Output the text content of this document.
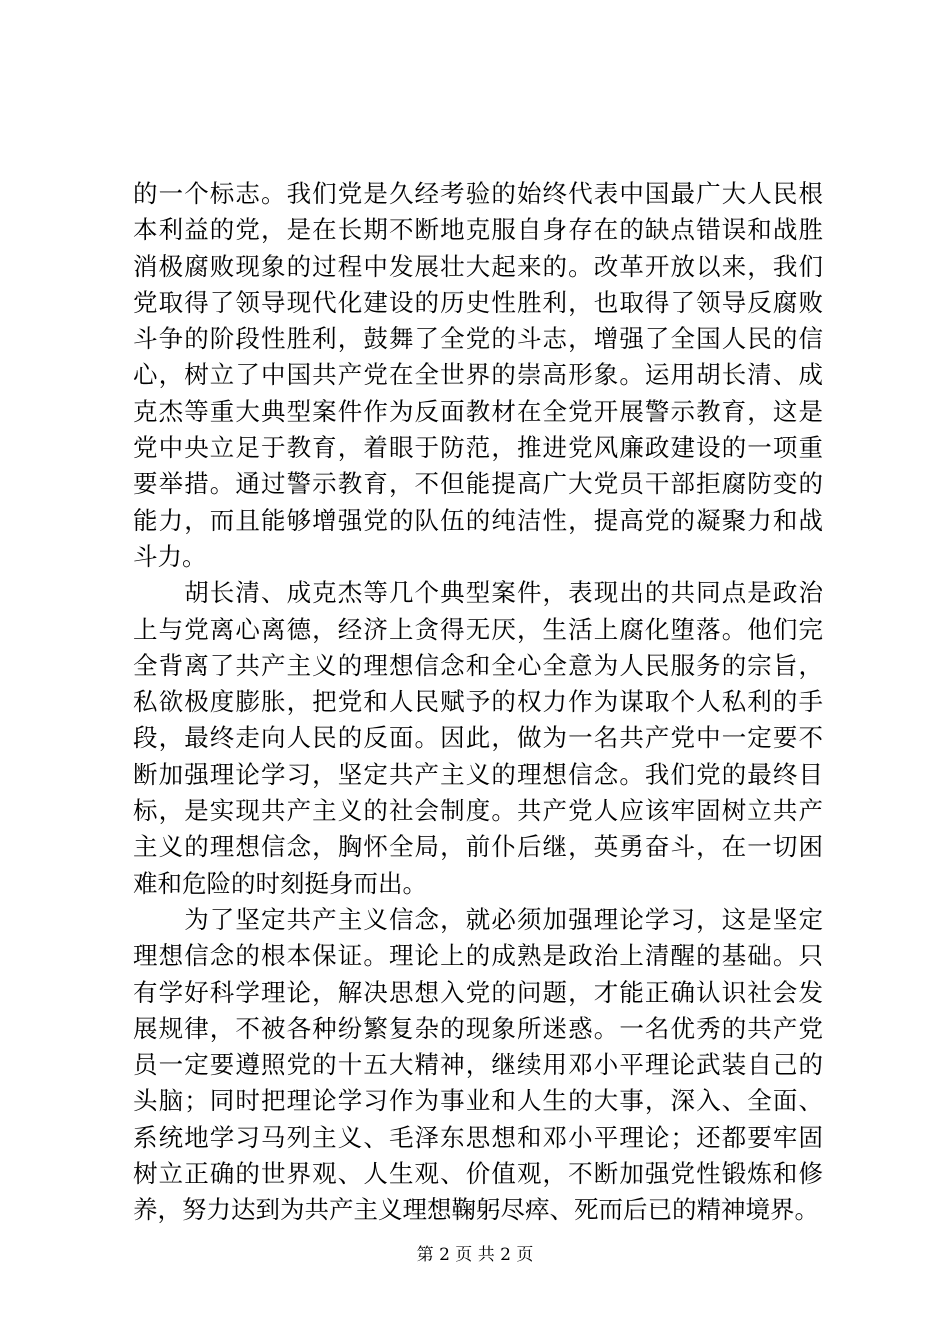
的一个标志。我们党是久经考验的始终代表中国最广大人民根
本利益的党，是在长期不断地克服自身存在的缺点错误和战胜
消极腐败现象的过程中发展壮大起来的。改革开放以来，我们
党取得了领导现代化建设的历史性胜利，也取得了领导反腐败
斗争的阶段性胜利，鼓舞了全党的斗志，增强了全国人民的信
心，树立了中国共产党在全世界的崇高形象。运用胡长清、成
克杰等重大典型案件作为反面教材在全党开展警示教育，这是
党中央立足于教育，着眼于防范，推进党风廉政建设的一项重
要举措。通过警示教育，不但能提高广大党员干部拒腐防变的
能力，而且能够增强党的队伍的纯洁性，提高党的凝聚力和战
斗力。
　　胡长清、成克杰等几个典型案件，表现出的共同点是政治
上与党离心离德，经济上贪得无厌，生活上腐化堕落。他们完
全背离了共产主义的理想信念和全心全意为人民服务的宗旨，
私欲极度膨胀，把党和人民赋予的权力作为谋取个人私利的手
段，最终走向人民的反面。因此，做为一名共产党中一定要不
断加强理论学习，坚定共产主义的理想信念。我们党的最终目
标，是实现共产主义的社会制度。共产党人应该牢固树立共产
主义的理想信念，胸怀全局，前仆后继，英勇奋斗，在一切困
难和危险的时刻挺身而出。
　　为了坚定共产主义信念，就必须加强理论学习，这是坚定
理想信念的根本保证。理论上的成熟是政治上清醒的基础。只
有学好科学理论，解决思想入党的问题，才能正确认识社会发
展规律，不被各种纷繁复杂的现象所迷惑。一名优秀的共产党
员一定要遵照党的十五大精神，继续用邓小平理论武装自己的
头脑；同时把理论学习作为事业和人生的大事，深入、全面、
系统地学习马列主义、毛泽东思想和邓小平理论；还都要牢固
树立正确的世界观、人生观、价值观，不断加强党性锻炼和修
养，努力达到为共产主义理想鞠躬尽瘁、死而后已的精神境界。
第 2 页 共 2 页
